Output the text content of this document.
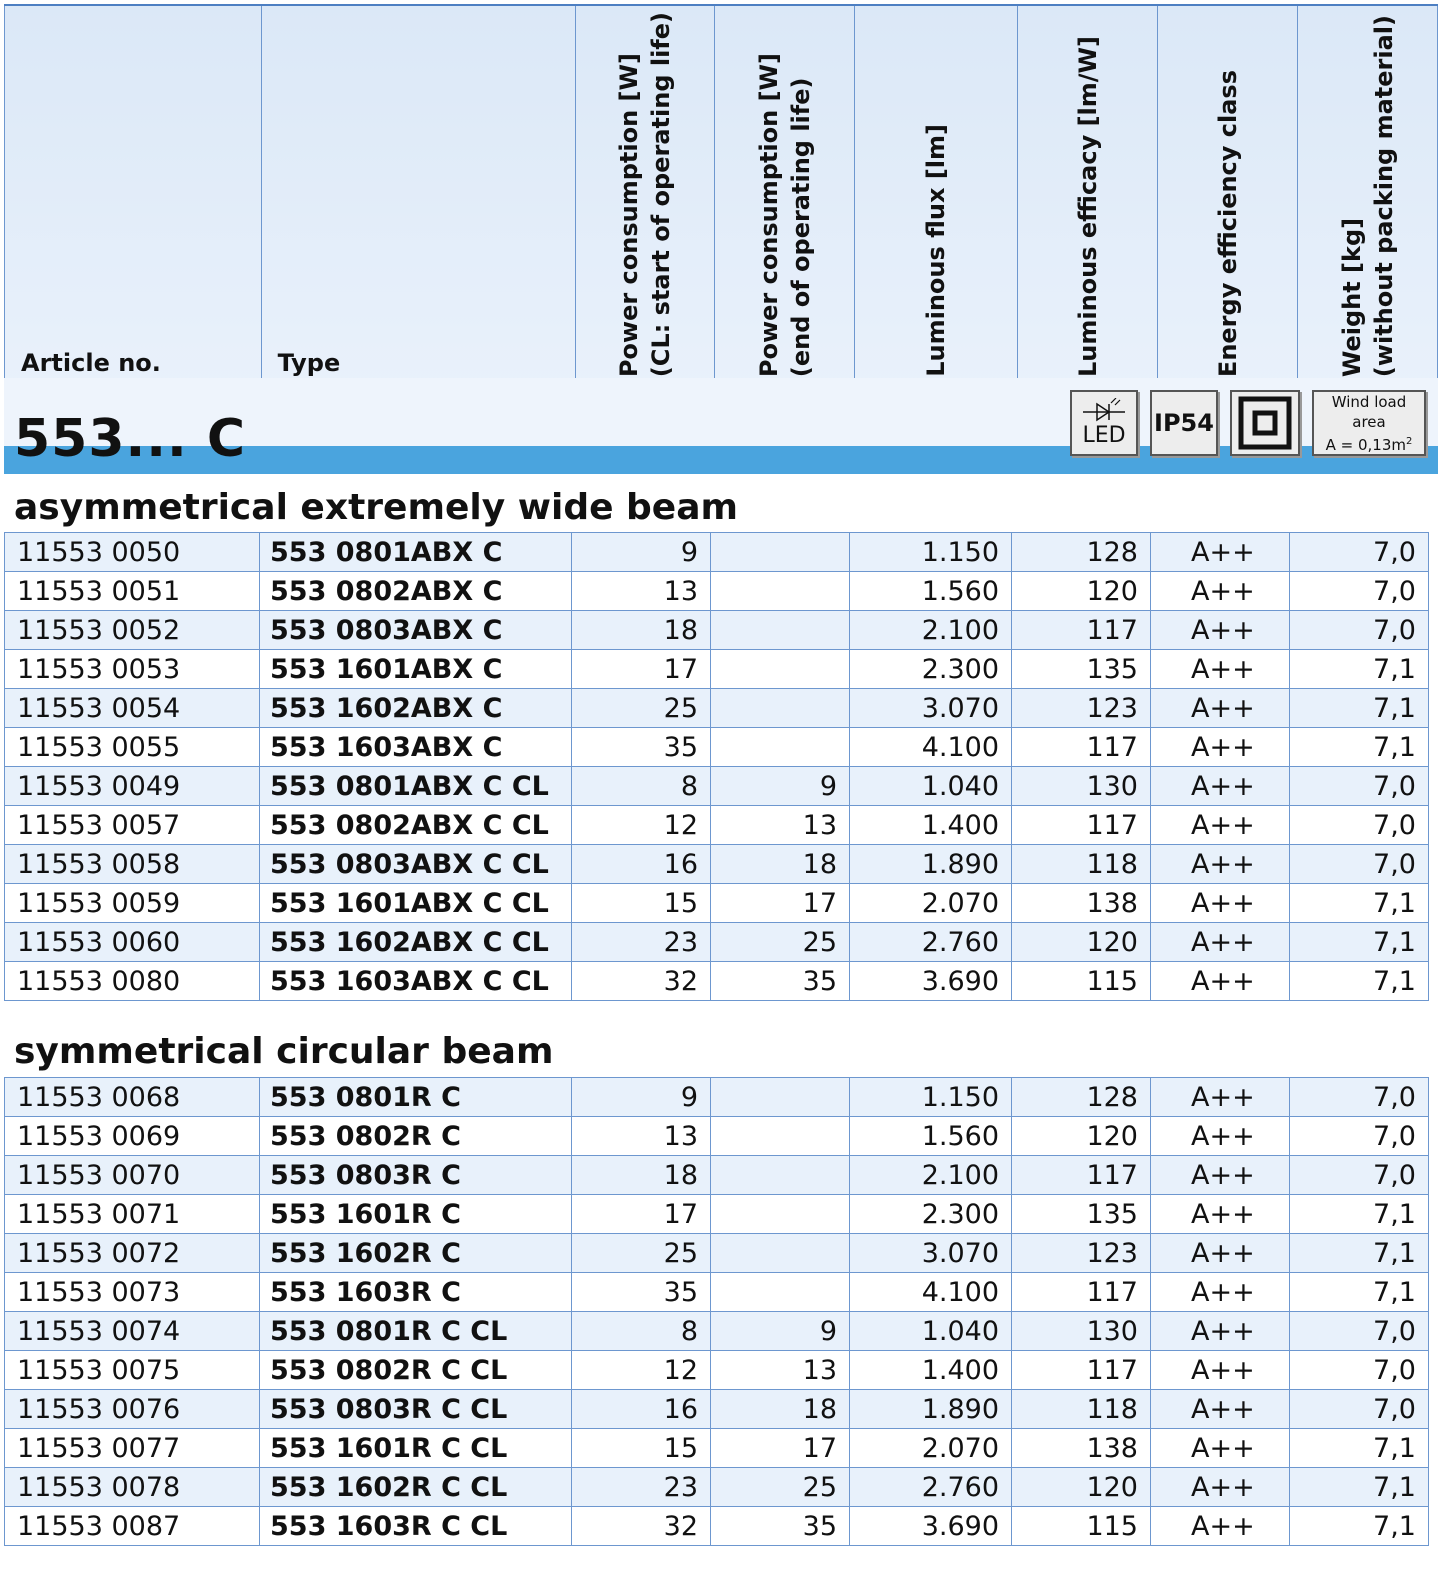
Article no.	Type	Power consumption [W] (CL: start of operating life)	Power consumption [W] (end of operating life)	Luminous flux [lm]	Luminous efficacy [lm/W]	Energy efficiency class	Weight [kg] (without packing material)
553... C	LED IP54
Wind load
area
$A = 0,13m^2$
asymmetrical extremely wide beam
11553 0050	553 0801ABX C	9		1.150	128	A++	7,0
11553 0051	553 0802ABX C	13		1.560	120	A++	7,0
11553 0052	553 0803ABX C	18		2.100	117	A++	7,0
11553 0053	553 1601ABX C	17		2.300	135	A++	7,1
11553 0054	553 1602ABX C	25		3.070	123	A++	7,1
11553 0055	553 1603ABX C	35		4.100	117	A++	7,1
11553 0049	553 0801ABX C CL	8	9	1.040	130	A++	7,0
11553 0057	553 0802ABX C CL	12	13	1.400	117	A++	7,0
11553 0058	553 0803ABX C CL	16	18	1.890	118	A++	7,0
11553 0059	553 1601ABX C CL	15	17	2.070	138	A++	7,1
11553 0060	553 1602ABX C CL	23	25	2.760	120	A++	7,1
11553 0080	553 1603ABX C CL	32	35	3.690	115	A++	7,1
symmetrical circular beam
11553 0068	553 0801R C	9		1.150	128	A++	7,0
11553 0069	553 0802R C	13		1.560	120	A++	7,0
11553 0070	553 0803R C	18		2.100	117	A++	7,0
11553 0071	553 1601R C	17		2.300	135	A++	7,1
11553 0072	553 1602R C	25		3.070	123	A++	7,1
11553 0073	553 1603R C	35		4.100	117	A++	7,1
11553 0074	553 0801R C CL	8	9	1.040	130	A++	7,0
11553 0075	553 0802R C CL	12	13	1.400	117	A++	7,0
11553 0076	553 0803R C CL	16	18	1.890	118	A++	7,0
11553 0077	553 1601R C CL	15	17	2.070	138	A++	7,1
11553 0078	553 1602R C CL	23	25	2.760	120	A++	7,1
11553 0087	553 1603R C CL	32	35	3.690	115	A++	7,1
